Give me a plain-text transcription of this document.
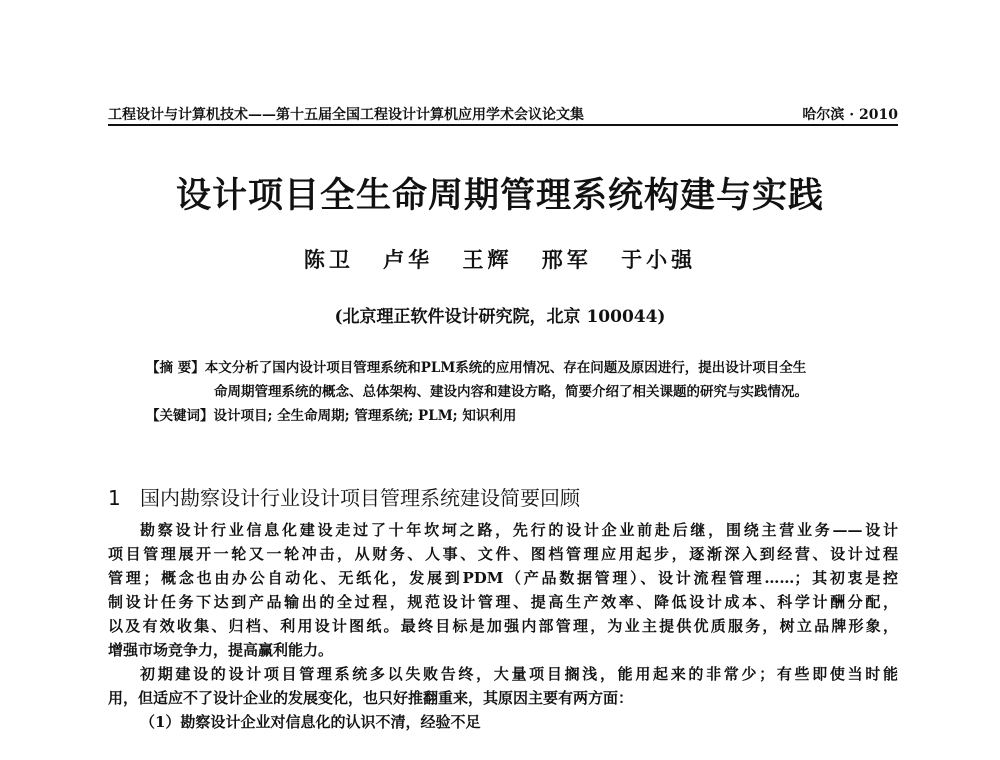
工程设计与计算机技术——第十五届全国工程设计计算机应用学术会议论文集	哈尔滨 · 2010
设计项目全生命周期管理系统构建与实践
陈卫 卢华 王辉 邢军 于小强
(北京理正软件设计研究院，北京 100044)
【摘 要】本文分析了国内设计项目管理系统和PLM系统的应用情况、存在问题及原因进行，提出设计项目全生
命周期管理系统的概念、总体架构、建设内容和建设方略，简要介绍了相关课题的研究与实践情况。
【关键词】设计项目; 全生命周期; 管理系统; PLM; 知识利用
1 国内勘察设计行业设计项目管理系统建设简要回顾
勘察设计行业信息化建设走过了十年坎坷之路，先行的设计企业前赴后继，围绕主营业务——设计
项目管理展开一轮又一轮冲击，从财务、人事、文件、图档管理应用起步，逐渐深入到经营、设计过程
管理；概念也由办公自动化、无纸化，发展到PDM（产品数据管理）、设计流程管理……；其初衷是控
制设计任务下达到产品输出的全过程，规范设计管理、提高生产效率、降低设计成本、科学计酬分配，
以及有效收集、归档、利用设计图纸。最终目标是加强内部管理，为业主提供优质服务，树立品牌形象，
增强市场竞争力，提高赢利能力。
初期建设的设计项目管理系统多以失败告终，大量项目搁浅，能用起来的非常少；有些即使当时能
用，但适应不了设计企业的发展变化，也只好推翻重来，其原因主要有两方面：
（1）勘察设计企业对信息化的认识不清，经验不足
